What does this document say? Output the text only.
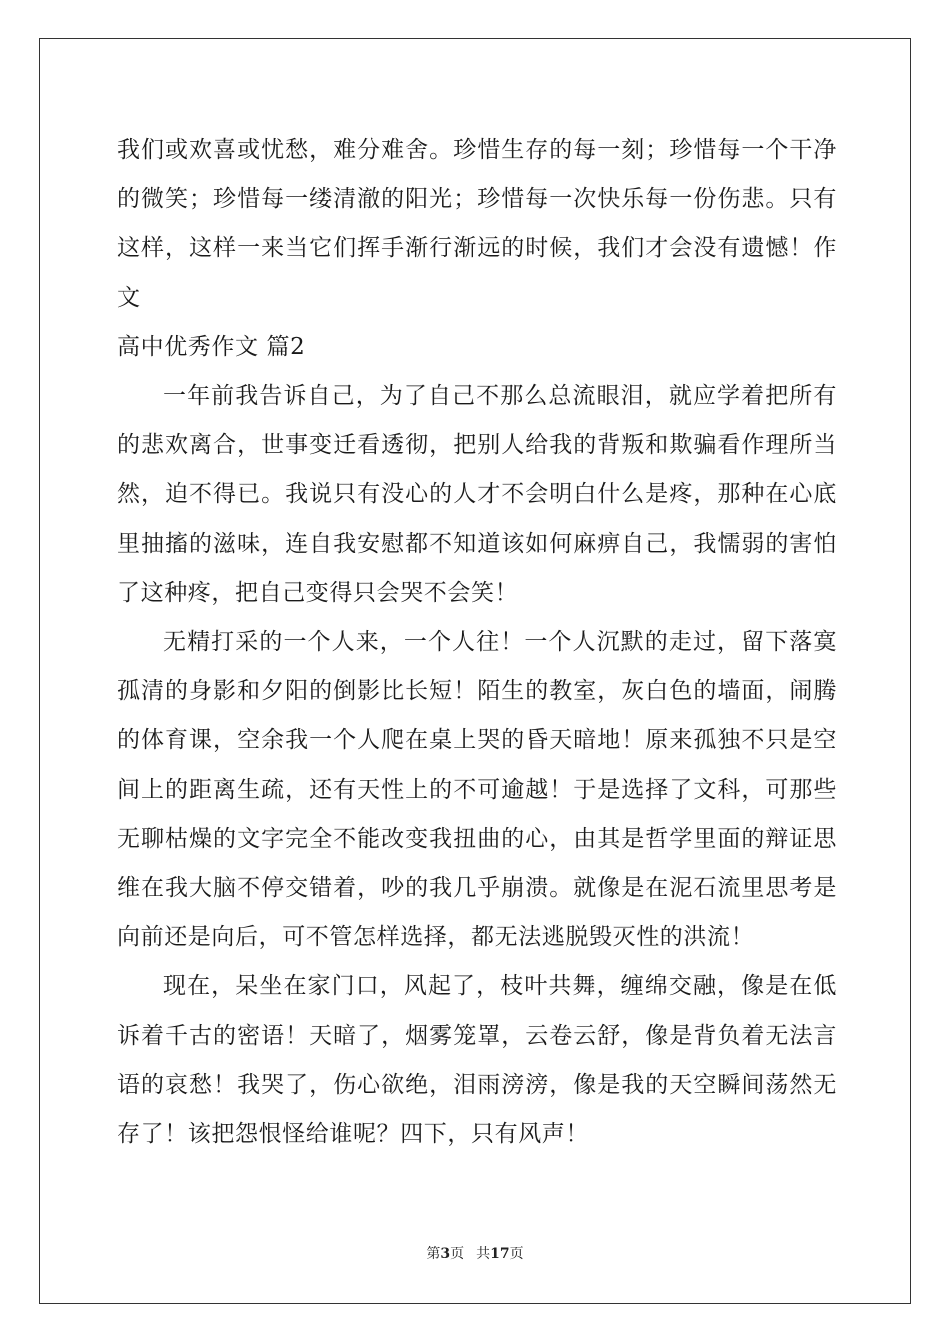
我们或欢喜或忧愁，难分难舍。珍惜生存的每一刻；珍惜每一个干净的微笑；珍惜每一缕清澈的阳光；珍惜每一次快乐每一份伤悲。只有这样，这样一来当它们挥手渐行渐远的时候，我们才会没有遗憾！作文

高中优秀作文 篇2

一年前我告诉自己，为了自己不那么总流眼泪，就应学着把所有的悲欢离合，世事变迁看透彻，把别人给我的背叛和欺骗看作理所当然，迫不得已。我说只有没心的人才不会明白什么是疼，那种在心底里抽搐的滋味，连自我安慰都不知道该如何麻痹自己，我懦弱的害怕了这种疼，把自己变得只会哭不会笑！

无精打采的一个人来，一个人往！一个人沉默的走过，留下落寞孤清的身影和夕阳的倒影比长短！陌生的教室，灰白色的墙面，闹腾的体育课，空余我一个人爬在桌上哭的昏天暗地！原来孤独不只是空间上的距离生疏，还有天性上的不可逾越！于是选择了文科，可那些无聊枯燥的文字完全不能改变我扭曲的心，由其是哲学里面的辩证思维在我大脑不停交错着，吵的我几乎崩溃。就像是在泥石流里思考是向前还是向后，可不管怎样选择，都无法逃脱毁灭性的洪流！

现在，呆坐在家门口，风起了，枝叶共舞，缠绵交融，像是在低诉着千古的密语！天暗了，烟雾笼罩，云卷云舒，像是背负着无法言语的哀愁！我哭了，伤心欲绝，泪雨滂滂，像是我的天空瞬间荡然无存了！该把怨恨怪给谁呢？四下，只有风声！

第3页 共17页
